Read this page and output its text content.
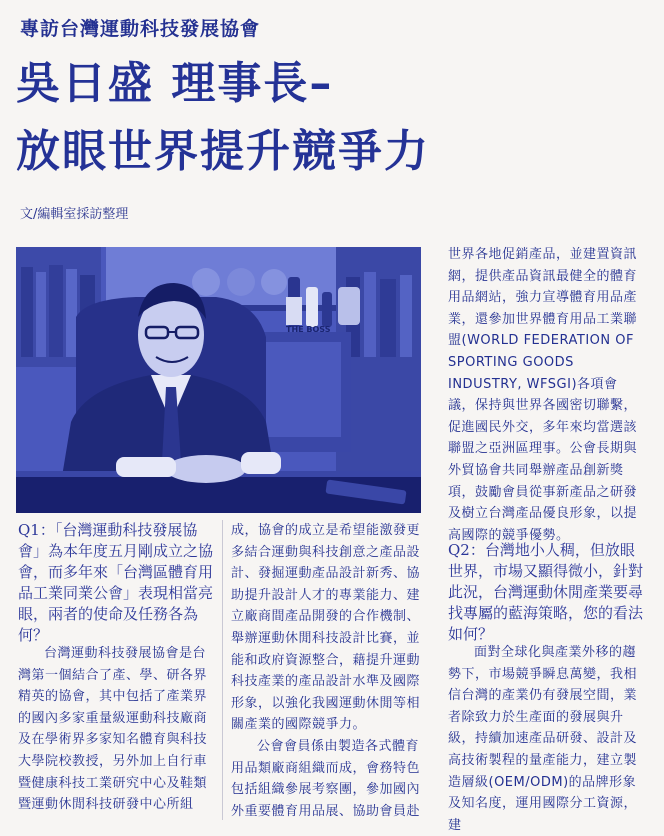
專訪台灣運動科技發展協會
吳日盛 理事長–
放眼世界提升競爭力
文/編輯室採訪整理
THE BOSS
Q1：「台灣運動科技發展協會」為本年度五月剛成立之協會，而多年來「台灣區體育用品工業同業公會」表現相當亮眼，兩者的使命及任務各為何？

台灣運動科技發展協會是台灣第一個結合了產、學、研各界精英的協會，其中包括了產業界的國內多家重量級運動科技廠商及在學術界多家知名體育與科技大學院校教授，另外加上自行車暨健康科技工業研究中心及鞋類暨運動休閒科技研發中心所組

成，協會的成立是希望能激發更多結合運動與科技創意之產品設計、發掘運動產品設計新秀、協助提升設計人才的專業能力、建立廠商間產品開發的合作機制、舉辦運動休閒科技設計比賽，並能和政府資源整合，藉提升運動科技產業的產品設計水準及國際形象，以強化我國運動休閒等相關產業的國際競爭力。

公會會員係由製造各式體育用品類廠商組織而成，會務特色包括組織參展考察團，參加國內外重要體育用品展、協助會員赴

世界各地促銷產品，並建置資訊網，提供產品資訊最健全的體育用品網站，強力宣導體育用品產業，還參加世界體育用品工業聯盟(WORLD FEDERATION OF SPORTING GOODS INDUSTRY, WFSGI)各項會議，保持與世界各國密切聯繫，促進國民外交，多年來均當選該聯盟之亞洲區理事。公會長期與外貿協會共同舉辦產品創新獎項，鼓勵會員從事新產品之研發及樹立台灣產品優良形象，以提高國際的競爭優勢。

Q2：台灣地小人稠，但放眼世界，市場又顯得微小，針對此況，台灣運動休閒產業要尋找專屬的藍海策略，您的看法如何？

面對全球化與產業外移的趨勢下，市場競爭瞬息萬變，我相信台灣的產業仍有發展空間，業者除致力於生產面的發展與升級，持續加速產品研發、設計及高技術製程的量產能力，建立製造層級(OEM/ODM)的品牌形象及知名度，運用國際分工資源，建
